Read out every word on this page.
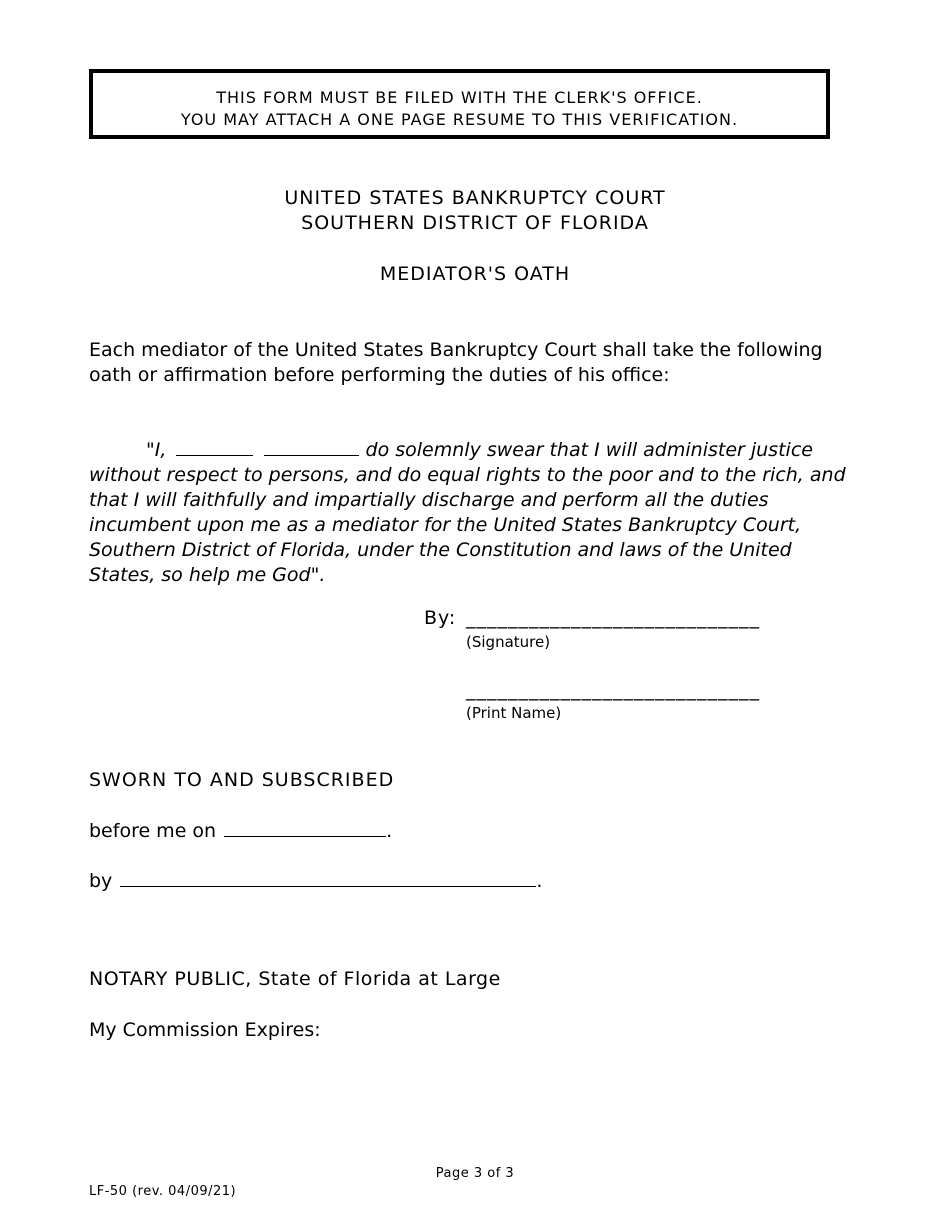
THIS FORM MUST BE FILED WITH THE CLERK'S OFFICE.
YOU MAY ATTACH A ONE PAGE RESUME TO THIS VERIFICATION.
UNITED STATES BANKRUPTCY COURT
SOUTHERN DISTRICT OF FLORIDA
MEDIATOR'S OATH
Each mediator of the United States Bankruptcy Court shall take the following
oath or affirmation before performing the duties of his office:
"I,	do solemnly swear that I will administer justice
without respect to persons, and do equal rights to the poor and to the rich, and
that I will faithfully and impartially discharge and perform all the duties
incumbent upon me as a mediator for the United States Bankruptcy Court,
Southern District of Florida, under the Constitution and laws of the United
States, so help me God".
By: ____________________________
(Signature)
____________________________
(Print Name)
SWORN TO AND SUBSCRIBED
before me on	.
by	.
NOTARY PUBLIC, State of Florida at Large
My Commission Expires:
Page 3 of 3
LF-50 (rev. 04/09/21)
